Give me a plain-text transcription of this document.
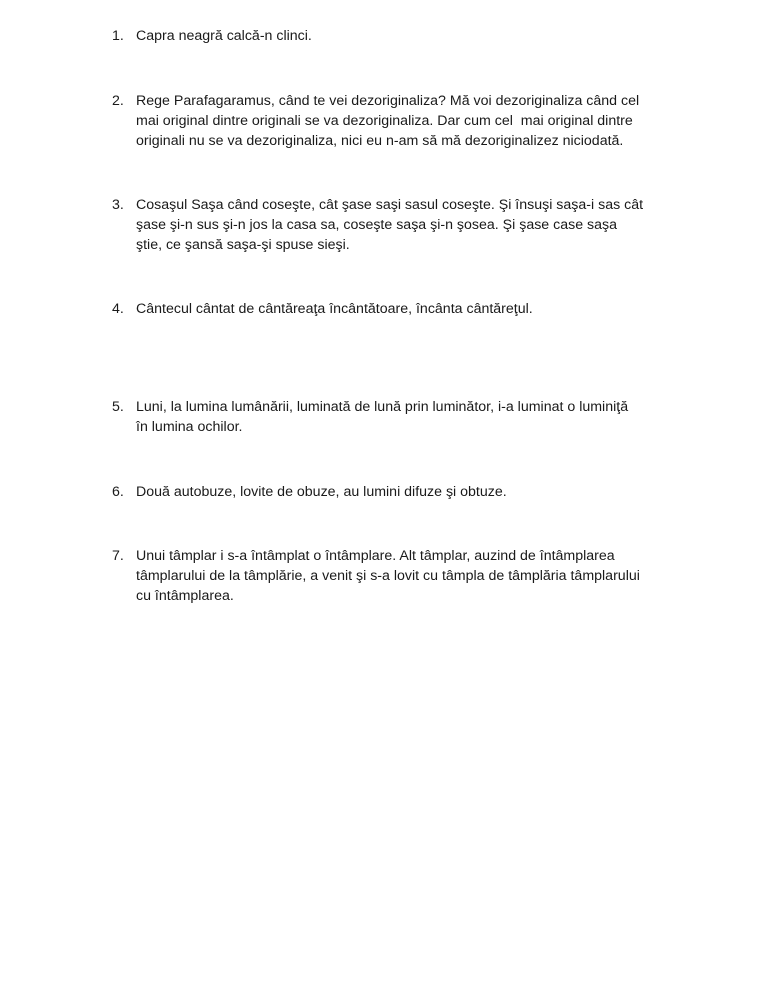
1. Capra neagră calcă-n clinci.
2. Rege Parafagaramus, când te vei dezoriginaliza? Mă voi dezoriginaliza când cel
mai original dintre originali se va dezoriginaliza. Dar cum cel  mai original dintre
originali nu se va dezoriginaliza, nici eu n-am să mă dezoriginalizez niciodată.
3. Cosaşul Saşa când coseşte, cât şase saşi sasul coseşte. Şi însuşi saşa-i sas cât
şase şi-n sus şi-n jos la casa sa, coseşte saşa şi-n şosea. Şi şase case saşa
ştie, ce şansă saşa-şi spuse sieşi.
4. Cântecul cântat de cântăreaţa încântătoare, încânta cântăreţul.
5. Luni, la lumina lumânării, luminată de lună prin luminător, i-a luminat o luminiţă
în lumina ochilor.
6. Două autobuze, lovite de obuze, au lumini difuze şi obtuze.
7. Unui tâmplar i s-a întâmplat o întâmplare. Alt tâmplar, auzind de întâmplarea
tâmplarului de la tâmplărie, a venit şi s-a lovit cu tâmpla de tâmplăria tâmplarului
cu întâmplarea.
